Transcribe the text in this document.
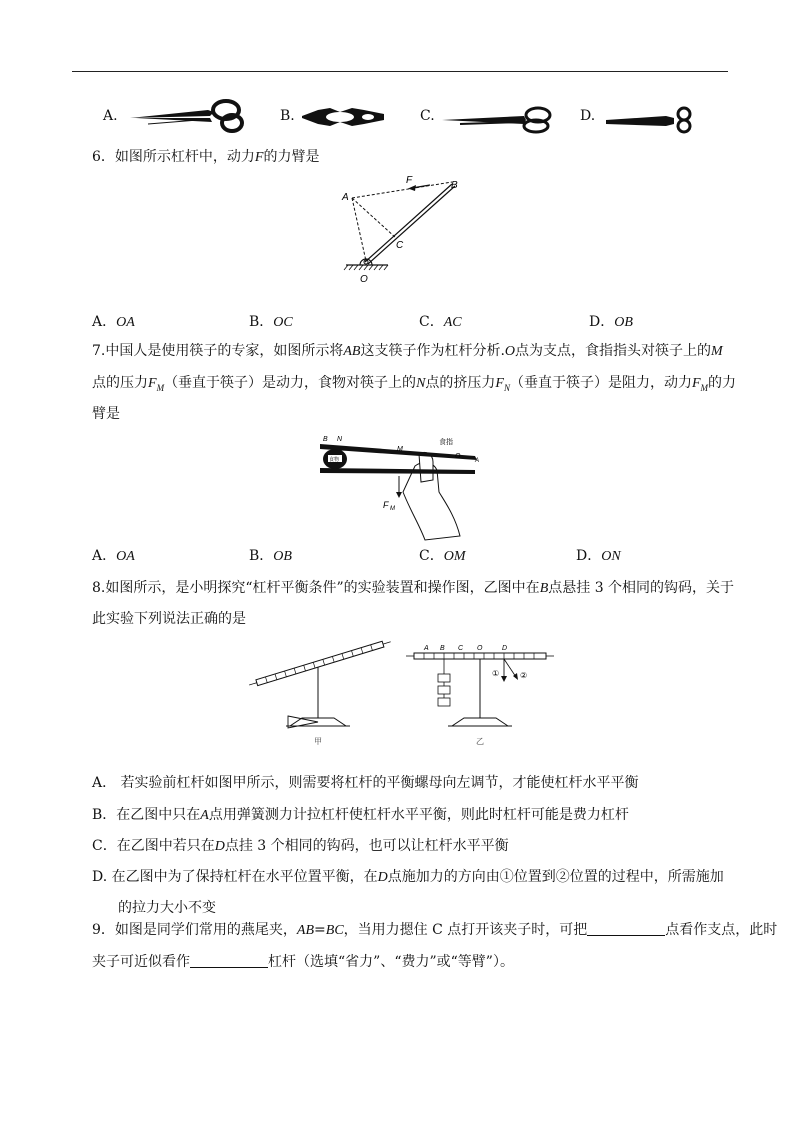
A.	B.	C.	D.
6．如图所示杠杆中，动力F的力臂是
A
F	B
C
O
A．OA	B．OC	C．AC	D．OB
7.中国人是使用筷子的专家，如图所示将AB这支筷子作为杠杆分析.O点为支点，食指指头对筷子上的M
点的压力$F_M$（垂直于筷子）是动力，食物对筷子上的N点的挤压力$F_N$（垂直于筷子）是阻力，动力$F_M$的力
臂是
食物
B N
M
食指
O
A
F M
A．OA	B．OB	C．OM	D．ON
8.如图所示，是小明探究“杠杆平衡条件”的实验装置和操作图，乙图中在B点悬挂 3 个相同的钩码，关于
此实验下列说法正确的是
甲
A B C O	D
①	②
乙
A． 若实验前杠杆如图甲所示，则需要将杠杆的平衡螺母向左调节，才能使杠杆水平平衡
B．在乙图中只在A点用弹簧测力计拉杠杆使杠杆水平平衡，则此时杠杆可能是费力杠杆
C．在乙图中若只在D点挂 3 个相同的钩码，也可以让杠杆水平平衡
D. 在乙图中为了保持杠杆在水平位置平衡，在D点施加力的方向由①位置到②位置的过程中，所需施加
的拉力大小不变
9．如图是同学们常用的燕尾夹，AB=BC，当用力摁住 C 点打开该夹子时，可把	点看作支点，此时
夹子可近似看作	杠杆（选填“省力”、“费力”或“等臂”）。
